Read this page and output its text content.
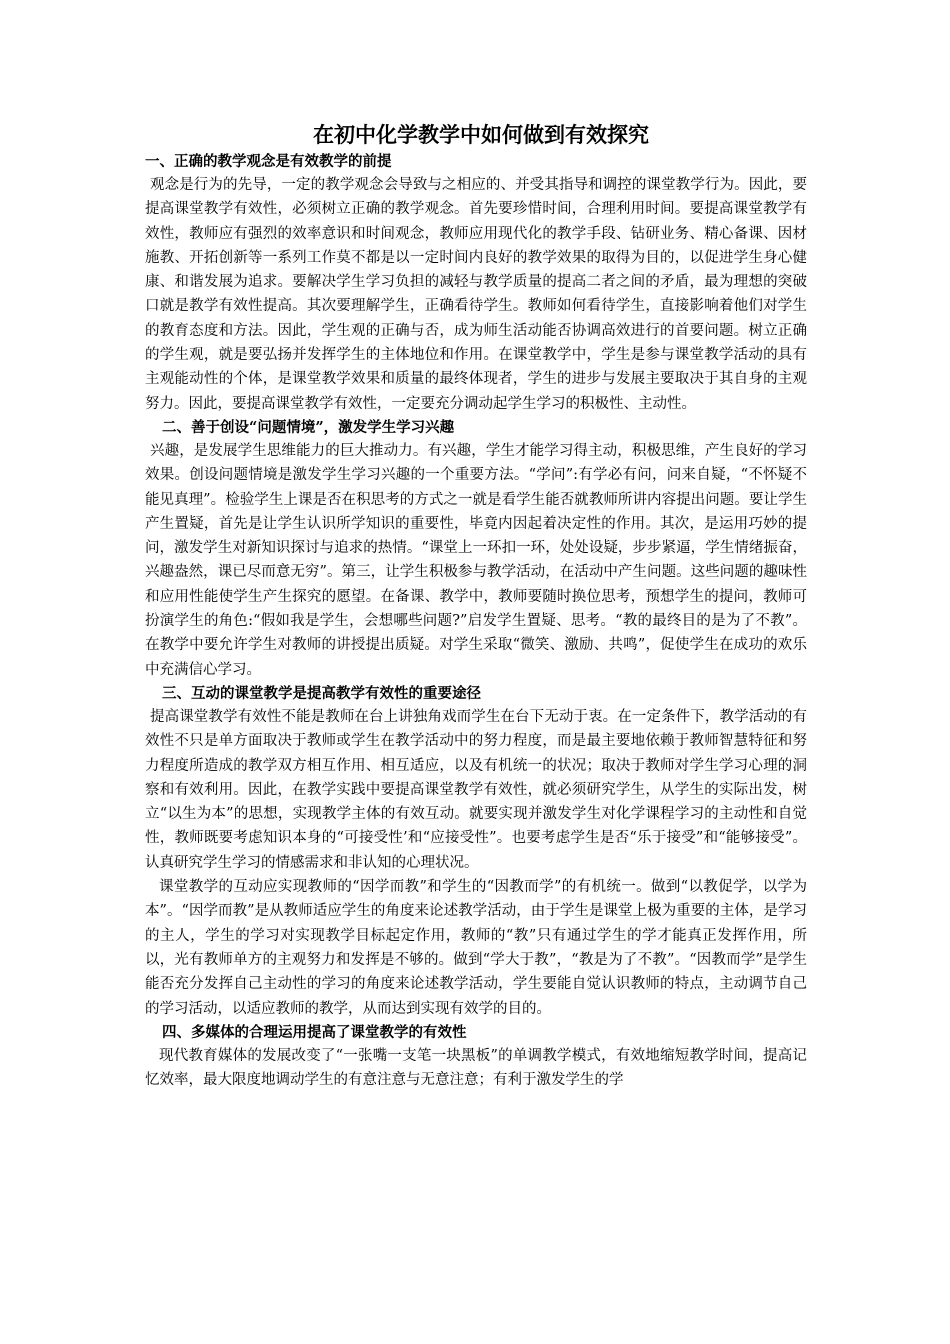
在初中化学教学中如何做到有效探究
一、正确的教学观念是有效教学的前提

观念是行为的先导，一定的教学观念会导致与之相应的、并受其指导和调控的课堂教学行为。因此，要提高课堂教学有效性，必须树立正确的教学观念。首先要珍惜时间，合理利用时间。要提高课堂教学有效性，教师应有强烈的效率意识和时间观念，教师应用现代化的教学手段、钻研业务、精心备课、因材施教、开拓创新等一系列工作莫不都是以一定时间内良好的教学效果的取得为目的，以促进学生身心健康、和谐发展为追求。要解决学生学习负担的减轻与教学质量的提高二者之间的矛盾，最为理想的突破口就是教学有效性提高。其次要理解学生，正确看待学生。教师如何看待学生，直接影响着他们对学生的教育态度和方法。因此，学生观的正确与否，成为师生活动能否协调高效进行的首要问题。树立正确的学生观，就是要弘扬并发挥学生的主体地位和作用。在课堂教学中，学生是参与课堂教学活动的具有主观能动性的个体，是课堂教学效果和质量的最终体现者，学生的进步与发展主要取决于其自身的主观努力。因此，要提高课堂教学有效性，一定要充分调动起学生学习的积极性、主动性。

二、善于创设“问题情境”，激发学生学习兴趣

兴趣，是发展学生思维能力的巨大推动力。有兴趣，学生才能学习得主动，积极思维，产生良好的学习效果。创设问题情境是激发学生学习兴趣的一个重要方法。“学问”:有学必有问，问来自疑，“不怀疑不能见真理”。检验学生上课是否在积思考的方式之一就是看学生能否就教师所讲内容提出问题。要让学生产生置疑，首先是让学生认识所学知识的重要性，毕竟内因起着决定性的作用。其次，是运用巧妙的提问，激发学生对新知识探讨与追求的热情。“课堂上一环扣一环，处处设疑，步步紧逼，学生情绪振奋，兴趣盎然，课已尽而意无穷”。第三，让学生积极参与教学活动，在活动中产生问题。这些问题的趣味性和应用性能使学生产生探究的愿望。在备课、教学中，教师要随时换位思考，预想学生的提问，教师可扮演学生的角色:“假如我是学生，会想哪些问题?”启发学生置疑、思考。“教的最终目的是为了不教”。在教学中要允许学生对教师的讲授提出质疑。对学生采取“微笑、激励、共鸣”，促使学生在成功的欢乐中充满信心学习。

三、互动的课堂教学是提高教学有效性的重要途径

提高课堂教学有效性不能是教师在台上讲独角戏而学生在台下无动于衷。在一定条件下，教学活动的有效性不只是单方面取决于教师或学生在教学活动中的努力程度，而是最主要地依赖于教师智慧特征和努力程度所造成的教学双方相互作用、相互适应，以及有机统一的状况；取决于教师对学生学习心理的洞察和有效利用。因此，在教学实践中要提高课堂教学有效性，就必须研究学生，从学生的实际出发，树立“以生为本”的思想，实现教学主体的有效互动。就要实现并激发学生对化学课程学习的主动性和自觉性，教师既要考虑知识本身的“可接受性’和“应接受性”。也要考虑学生是否“乐于接受”和“能够接受”。认真研究学生学习的情感需求和非认知的心理状况。

课堂教学的互动应实现教师的“因学而教”和学生的“因教而学”的有机统一。做到“以教促学，以学为本”。“因学而教”是从教师适应学生的角度来论述教学活动，由于学生是课堂上极为重要的主体，是学习的主人，学生的学习对实现教学目标起定作用，教师的“教”只有通过学生的学才能真正发挥作用，所以，光有教师单方的主观努力和发挥是不够的。做到“学大于教”，“教是为了不教”。“因教而学”是学生能否充分发挥自己主动性的学习的角度来论述教学活动，学生要能自觉认识教师的特点，主动调节自己的学习活动，以适应教师的教学，从而达到实现有效学的目的。

四、多媒体的合理运用提高了课堂教学的有效性

现代教育媒体的发展改变了“一张嘴一支笔一块黑板”的单调教学模式，有效地缩短教学时间，提高记忆效率，最大限度地调动学生的有意注意与无意注意；有利于激发学生的学
